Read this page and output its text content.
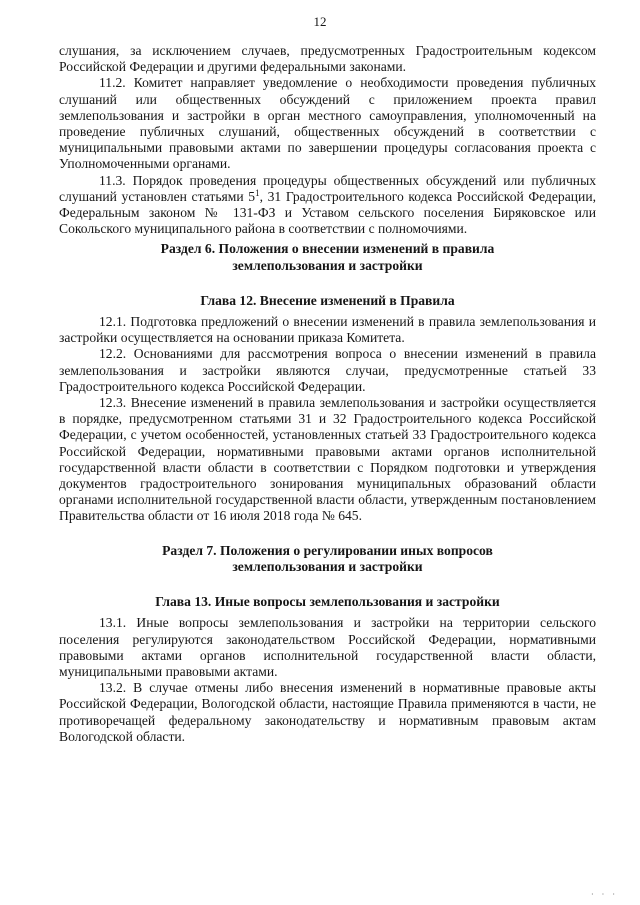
12

слушания, за исключением случаев, предусмотренных Градостроительным кодексом Российской Федерации и другими федеральными законами.

11.2. Комитет направляет уведомление о необходимости проведения публичных слушаний или общественных обсуждений с приложением проекта правил землепользования и застройки в орган местного самоуправления, уполномоченный на проведение публичных слушаний, общественных обсуждений в соответствии с муниципальными правовыми актами по завершении процедуры согласования проекта с Уполномоченными органами.

11.3. Порядок проведения процедуры общественных обсуждений или публичных слушаний установлен статьями $5^1$, 31 Градостроительного кодекса Российской Федерации, Федеральным законом № 131-ФЗ и Уставом сельского поселения Биряковское или Сокольского муниципального района в соответствии с полномочиями.

Раздел 6. Положения о внесении изменений в правила
землепользования и застройки
Глава 12. Внесение изменений в Правила

12.1. Подготовка предложений о внесении изменений в правила землепользования и застройки осуществляется на основании приказа Комитета.

12.2. Основаниями для рассмотрения вопроса о внесении изменений в правила землепользования и застройки являются случаи, предусмотренные статьей 33 Градостроительного кодекса Российской Федерации.

12.3. Внесение изменений в правила землепользования и застройки осуществляется в порядке, предусмотренном статьями 31 и 32 Градостроительного кодекса Российской Федерации, с учетом особенностей, установленных статьей 33 Градостроительного кодекса Российской Федерации, нормативными правовыми актами органов исполнительной государственной власти области в соответствии с Порядком подготовки и утверждения документов градостроительного зонирования муниципальных образований области органами исполнительной государственной власти области, утвержденным постановлением Правительства области от 16 июля 2018 года № 645.

Раздел 7. Положения о регулировании иных вопросов
землепользования и застройки
Глава 13. Иные вопросы землепользования и застройки

13.1. Иные вопросы землепользования и застройки на территории сельского поселения регулируются законодательством Российской Федерации, нормативными правовыми актами органов исполнительной государственной власти области, муниципальными правовыми актами.

13.2. В случае отмены либо внесения изменений в нормативные правовые акты Российской Федерации, Вологодской области, настоящие Правила применяются в части, не противоречащей федеральному законодательству и нормативным правовым актам Вологодской области.

· · ·
